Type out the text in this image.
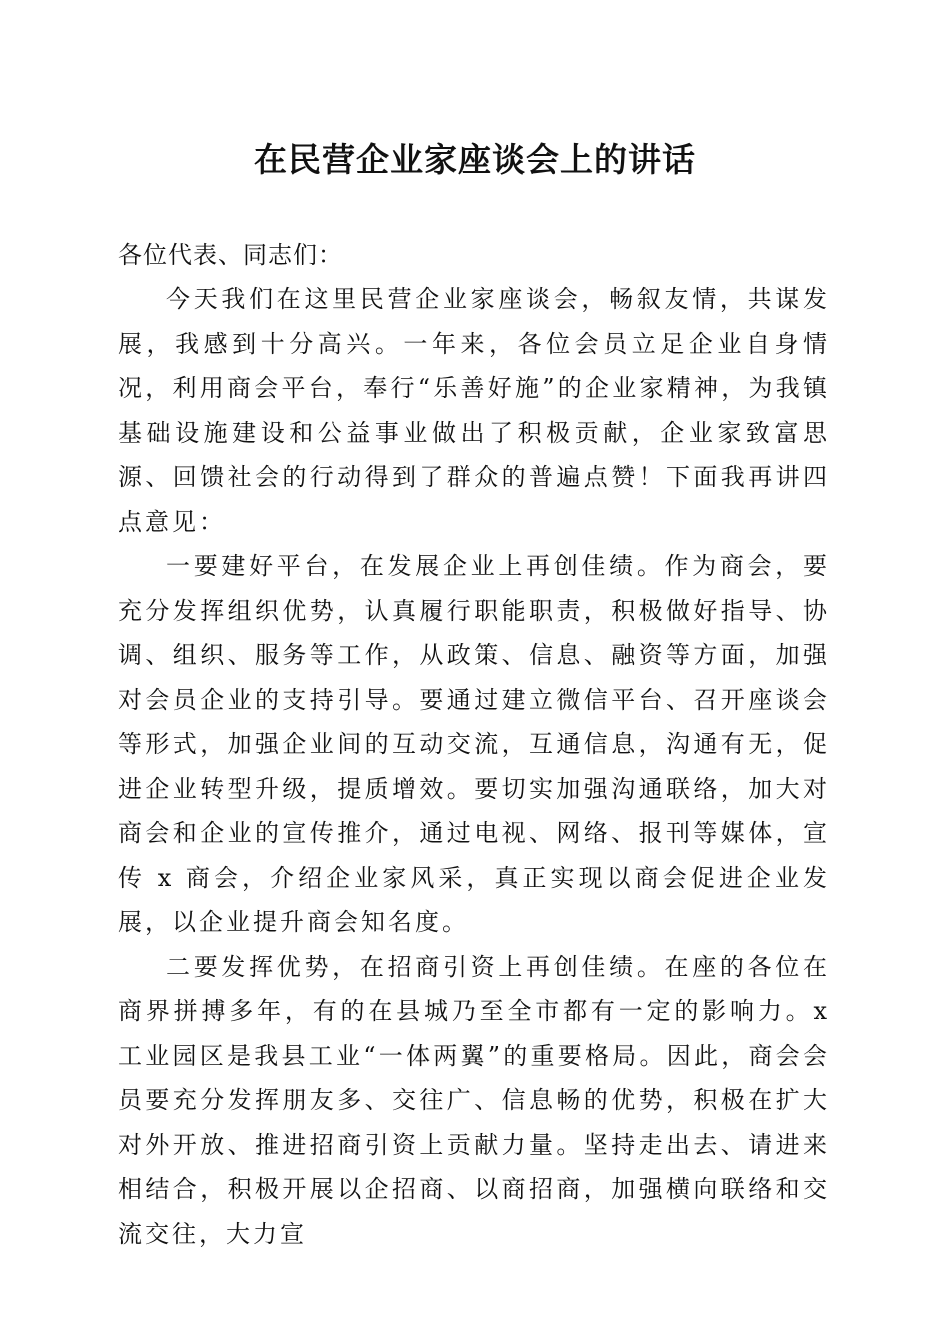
在民营企业家座谈会上的讲话

各位代表、同志们：

今天我们在这里民营企业家座谈会，畅叙友情，共谋发展，我感到十分高兴。一年来，各位会员立足企业自身情况，利用商会平台，奉行“乐善好施”的企业家精神，为我镇基础设施建设和公益事业做出了积极贡献，企业家致富思源、回馈社会的行动得到了群众的普遍点赞！下面我再讲四点意见：

一要建好平台，在发展企业上再创佳绩。作为商会，要充分发挥组织优势，认真履行职能职责，积极做好指导、协调、组织、服务等工作，从政策、信息、融资等方面，加强对会员企业的支持引导。要通过建立微信平台、召开座谈会等形式，加强企业间的互动交流，互通信息，沟通有无，促进企业转型升级，提质增效。要切实加强沟通联络，加大对商会和企业的宣传推介，通过电视、网络、报刊等媒体，宣传 x 商会，介绍企业家风采，真正实现以商会促进企业发展，以企业提升商会知名度。

二要发挥优势，在招商引资上再创佳绩。在座的各位在商界拼搏多年，有的在县城乃至全市都有一定的影响力。x 工业园区是我县工业“一体两翼”的重要格局。因此，商会会员要充分发挥朋友多、交往广、信息畅的优势，积极在扩大对外开放、推进招商引资上贡献力量。坚持走出去、请进来相结合，积极开展以企招商、以商招商，加强横向联络和交流交往，大力宣
